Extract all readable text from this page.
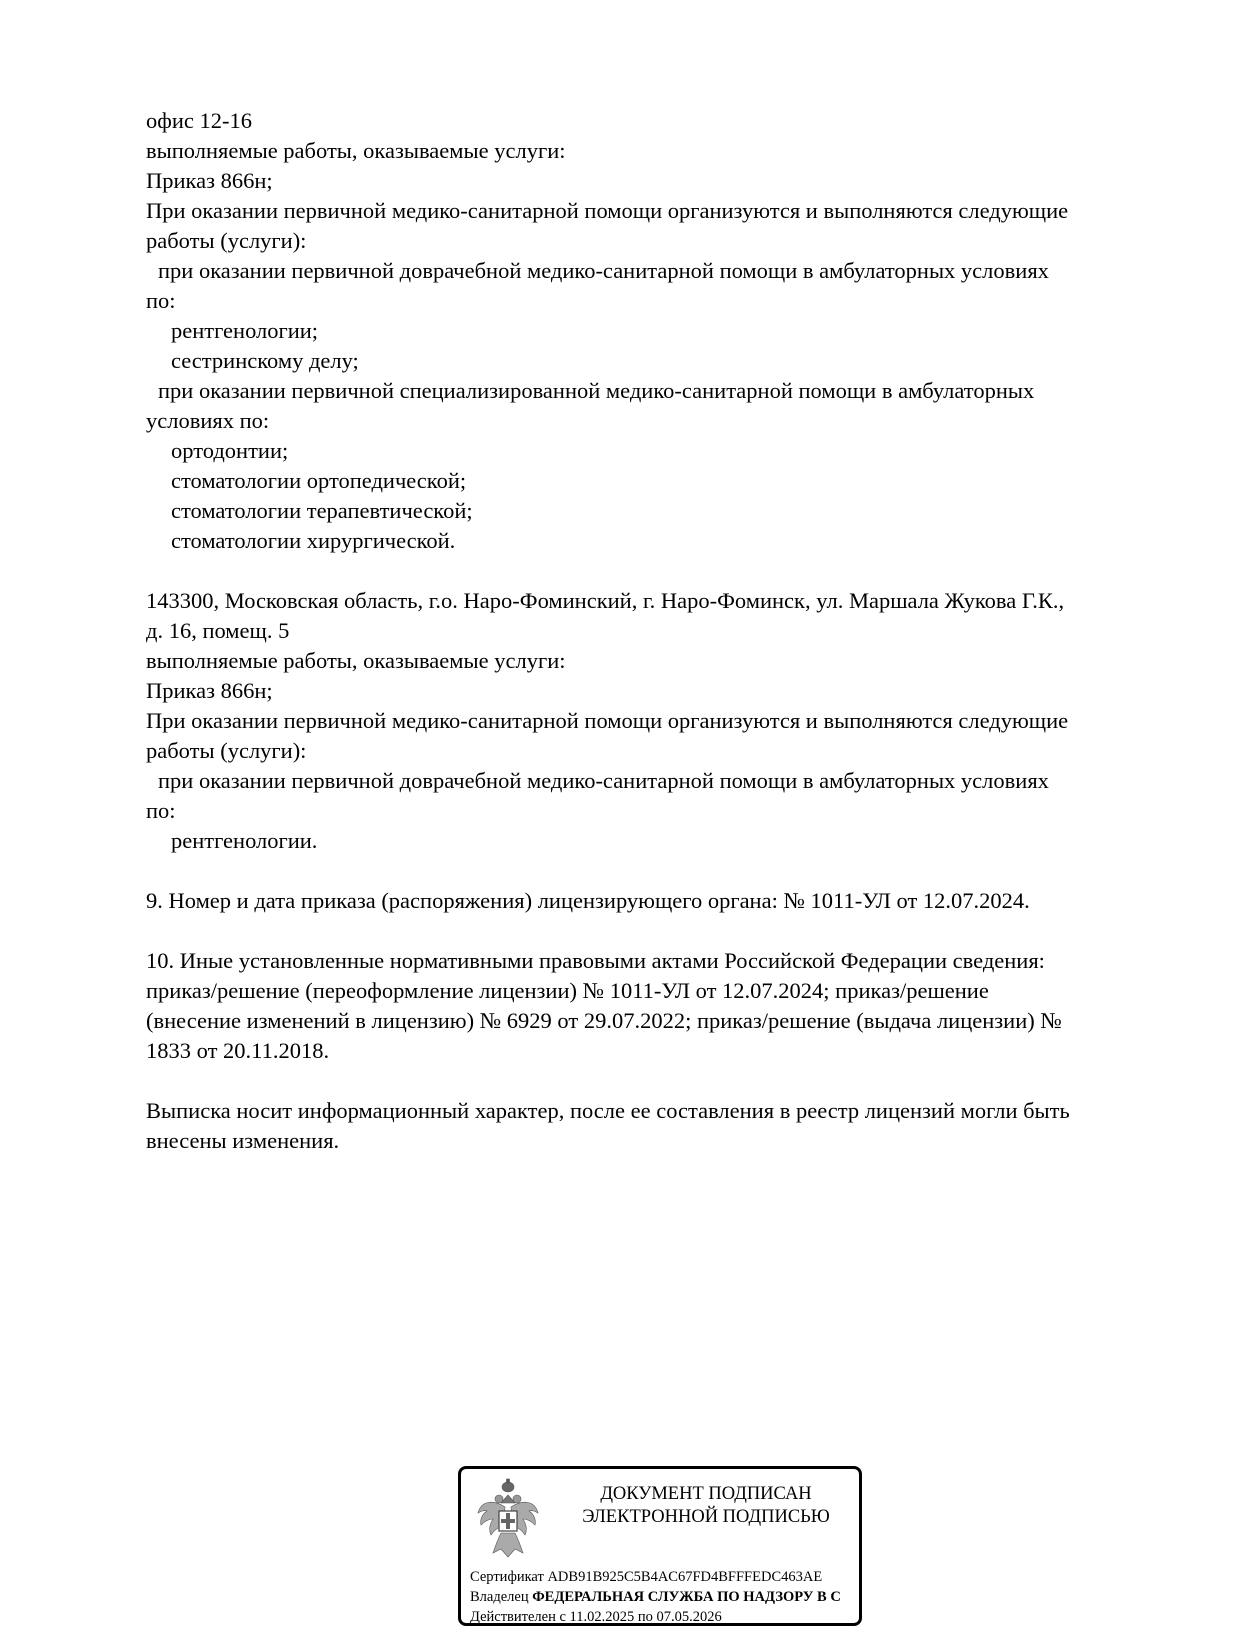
офис 12-16
выполняемые работы, оказываемые услуги:
Приказ 866н;
При оказании первичной медико-санитарной помощи организуются и выполняются следующие
работы (услуги):
при оказании первичной доврачебной медико-санитарной помощи в амбулаторных условиях
по:
рентгенологии;
сестринскому делу;
при оказании первичной специализированной медико-санитарной помощи в амбулаторных
условиях по:
ортодонтии;
стоматологии ортопедической;
стоматологии терапевтической;
стоматологии хирургической.
143300, Московская область, г.о. Наро-Фоминский, г. Наро-Фоминск, ул. Маршала Жукова Г.К.,
д. 16, помещ. 5
выполняемые работы, оказываемые услуги:
Приказ 866н;
При оказании первичной медико-санитарной помощи организуются и выполняются следующие
работы (услуги):
при оказании первичной доврачебной медико-санитарной помощи в амбулаторных условиях
по:
рентгенологии.
9. Номер и дата приказа (распоряжения) лицензирующего органа: № 1011-УЛ от 12.07.2024.
10. Иные установленные нормативными правовыми актами Российской Федерации сведения:
приказ/решение (переоформление лицензии) № 1011-УЛ от 12.07.2024; приказ/решение
(внесение изменений в лицензию) № 6929 от 29.07.2022; приказ/решение (выдача лицензии) №
1833 от 20.11.2018.
Выписка носит информационный характер, после ее составления в реестр лицензий могли быть
внесены изменения.
ДОКУМЕНТ ПОДПИСАН
ЭЛЕКТРОННОЙ ПОДПИСЬЮ
Сертификат ADB91B925C5B4AC67FD4BFFFEDC463AE
Владелец ФЕДЕРАЛЬНАЯ СЛУЖБА ПО НАДЗОРУ В С
Действителен с 11.02.2025 по 07.05.2026
